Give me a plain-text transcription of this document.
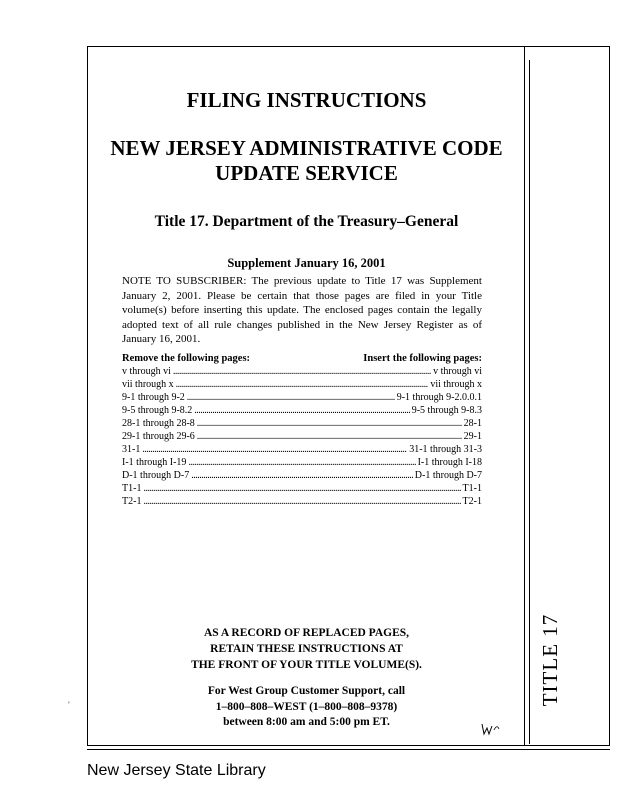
TITLE 17
FILING INSTRUCTIONS
NEW JERSEY ADMINISTRATIVE CODE
UPDATE SERVICE
Title 17. Department of the Treasury–General
Supplement January 16, 2001
NOTE TO SUBSCRIBER: The previous update to Title 17 was Supplement January 2, 2001. Please be certain that those pages are filed in your Title volume(s) before inserting this update. The enclosed pages contain the legally adopted text of all rule changes published in the New Jersey Register as of January 16, 2001.
Remove the following pages:	Insert the following pages:
v through vi . . .	v through vi
vii through x . . .	vii through x
9-1 through 9-2 . . .	9-1 through 9-2.0.0.1
9-5 through 9-8.2 . . .	9-5 through 9-8.3
28-1 through 28-8 . . .	28-1
29-1 through 29-6 . . .	29-1
31-1 . . .	31-1 through 31-3
I-1 through I-19 . . .	I-1 through I-18
D-1 through D-7 . . .	D-1 through D-7
T1-1 . . .	T1-1
T2-1 . . .	T2-1
AS A RECORD OF REPLACED PAGES,
RETAIN THESE INSTRUCTIONS AT
THE FRONT OF YOUR TITLE VOLUME(S).
For West Group Customer Support, call
1–800–808–WEST (1–800–808–9378)
between 8:00 am and 5:00 pm ET.
'
New Jersey State Library
